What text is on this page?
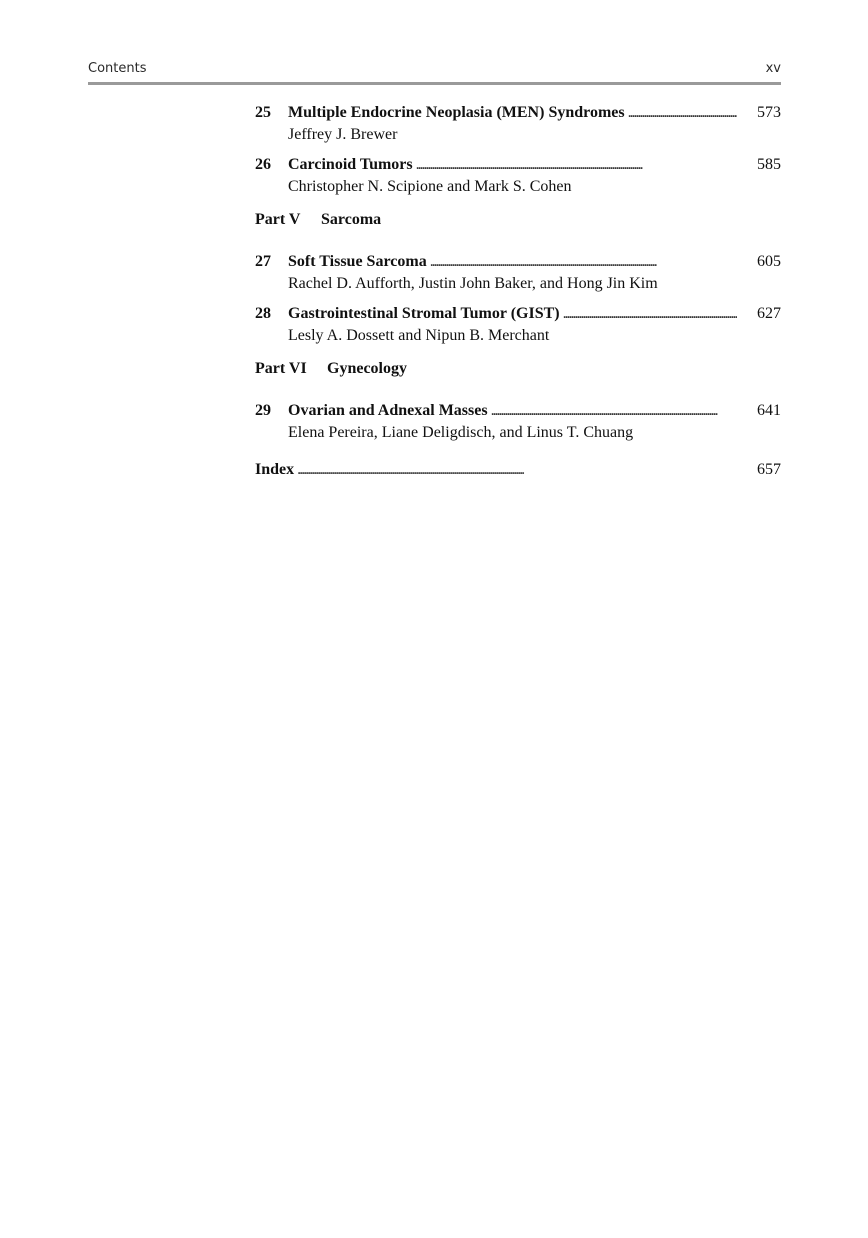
Contents	xv
25	Multiple Endocrine Neoplasia (MEN) Syndromes . . .	573
Jeffrey J. Brewer
26	Carcinoid Tumors . . .	585
Christopher N. Scipione and Mark S. Cohen
Part V Sarcoma
27	Soft Tissue Sarcoma . . .	605
Rachel D. Aufforth, Justin John Baker, and Hong Jin Kim
28	Gastrointestinal Stromal Tumor (GIST) . . .	627
Lesly A. Dossett and Nipun B. Merchant
Part VI Gynecology
29	Ovarian and Adnexal Masses . . .	641
Elena Pereira, Liane Deligdisch, and Linus T. Chuang
Index . . .	657
